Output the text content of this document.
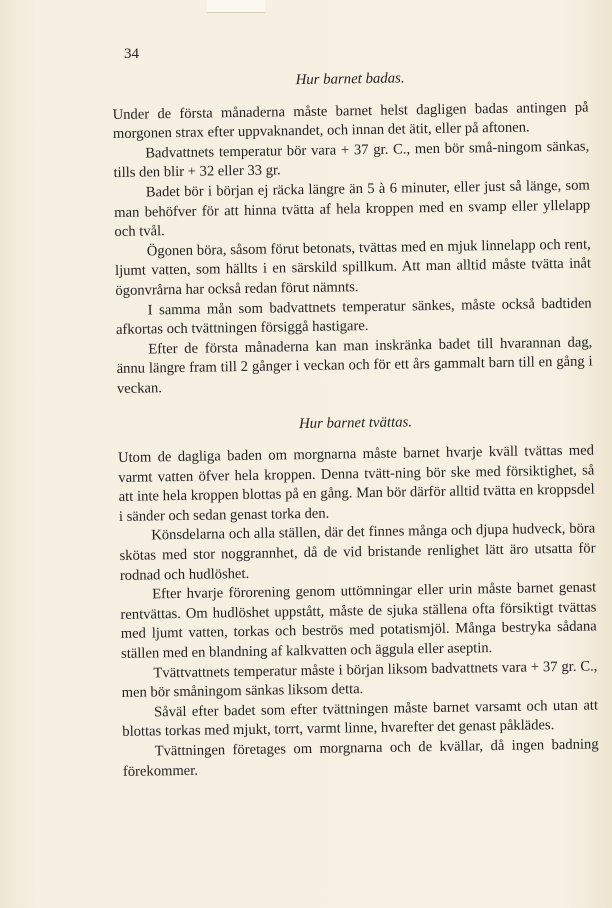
34
Hur barnet badas.

Under de första månaderna måste barnet helst dagligen badas antingen på morgonen strax efter uppvaknandet, och innan det ätit, eller på aftonen.

Badvattnets temperatur bör vara + 37 gr. C., men bör små-ningom sänkas, tills den blir + 32 eller 33 gr.

Badet bör i början ej räcka längre än 5 à 6 minuter, eller just så länge, som man behöfver för att hinna tvätta af hela kroppen med en svamp eller yllelapp och tvål.

Ögonen böra, såsom förut betonats, tvättas med en mjuk linnelapp och rent, ljumt vatten, som hällts i en särskild spillkum. Att man alltid måste tvätta inåt ögonvrårna har också redan förut nämnts.

I samma mån som badvattnets temperatur sänkes, måste också badtiden afkortas och tvättningen försiggå hastigare.

Efter de första månaderna kan man inskränka badet till hvarannan dag, ännu längre fram till 2 gånger i veckan och för ett års gammalt barn till en gång i veckan.

Hur barnet tvättas.

Utom de dagliga baden om morgnarna måste barnet hvarje kväll tvättas med varmt vatten öfver hela kroppen. Denna tvätt-ning bör ske med försiktighet, så att inte hela kroppen blottas på en gång. Man bör därför alltid tvätta en kroppsdel i sänder och sedan genast torka den.

Könsdelarna och alla ställen, där det finnes många och djupa hudveck, böra skötas med stor noggrannhet, då de vid bristande renlighet lätt äro utsatta för rodnad och hudlöshet.

Efter hvarje förorening genom uttömningar eller urin måste barnet genast rentvättas. Om hudlöshet uppstått, måste de sjuka ställena ofta försiktigt tvättas med ljumt vatten, torkas och beströs med potatismjöl. Många bestryka sådana ställen med en blandning af kalkvatten och äggula eller aseptin.

Tvättvattnets temperatur måste i början liksom badvattnets vara + 37 gr. C., men bör småningom sänkas liksom detta.

Såväl efter badet som efter tvättningen måste barnet varsamt och utan att blottas torkas med mjukt, torrt, varmt linne, hvarefter det genast påklädes.

Tvättningen företages om morgnarna och de kvällar, då ingen badning förekommer.
